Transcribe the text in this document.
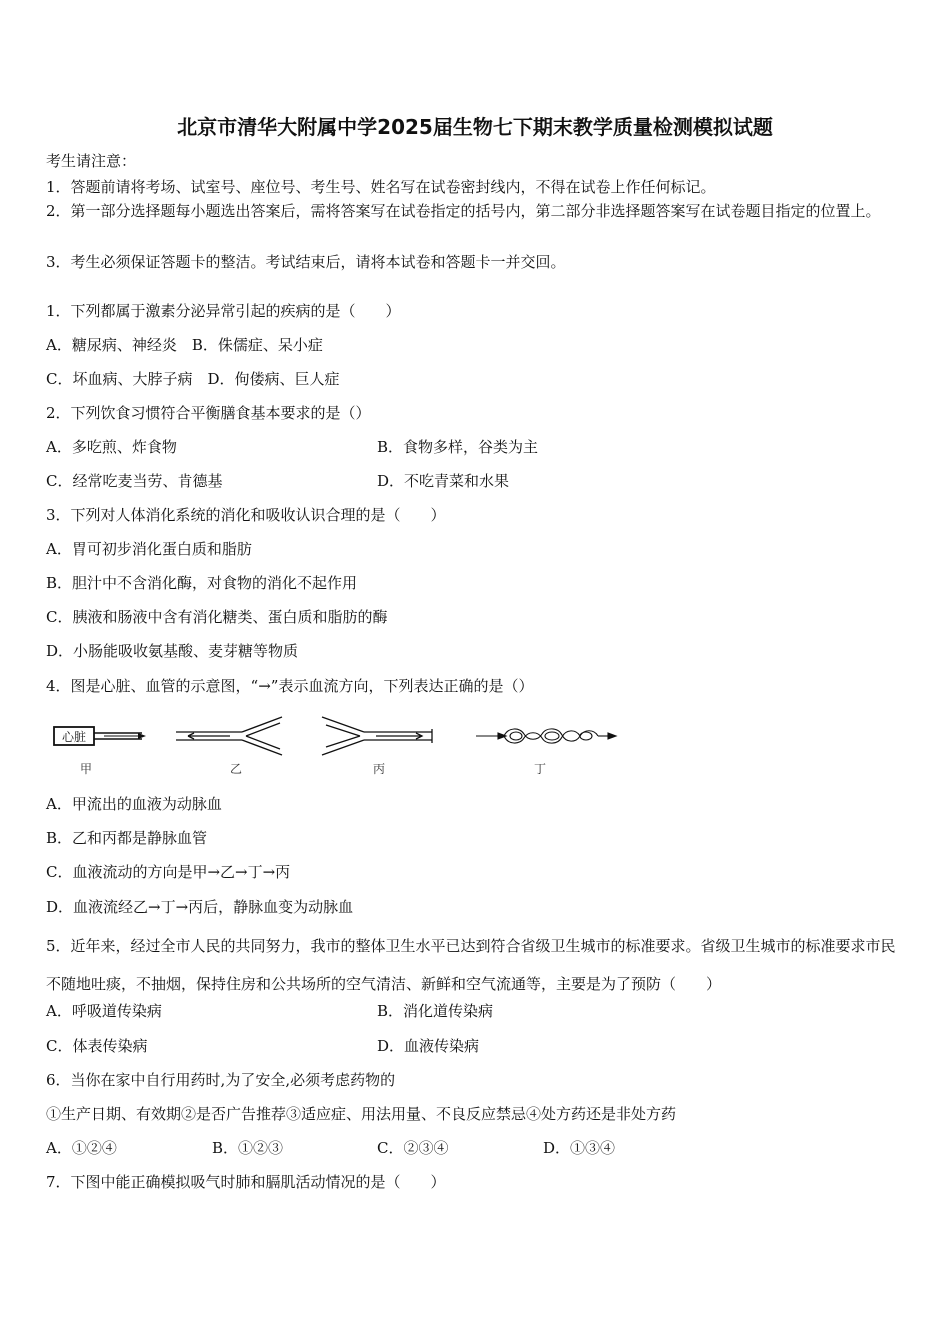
北京市清华大附属中学2025届生物七下期末教学质量检测模拟试题
考生请注意：
1．答题前请将考场、试室号、座位号、考生号、姓名写在试卷密封线内，不得在试卷上作任何标记。
2．第一部分选择题每小题选出答案后，需将答案写在试卷指定的括号内，第二部分非选择题答案写在试卷题目指定的位置上。
3．考生必须保证答题卡的整洁。考试结束后，请将本试卷和答题卡一并交回。
1．下列都属于激素分泌异常引起的疾病的是（　　）
A．糖尿病、神经炎　B．侏儒症、呆小症
C．坏血病、大脖子病　D．佝偻病、巨人症
2．下列饮食习惯符合平衡膳食基本要求的是（）
A．多吃煎、炸食物	B．食物多样，谷类为主
C．经常吃麦当劳、肯德基	D．不吃青菜和水果
3．下列对人体消化系统的消化和吸收认识合理的是（　　）
A．胃可初步消化蛋白质和脂肪
B．胆汁中不含消化酶，对食物的消化不起作用
C．胰液和肠液中含有消化糖类、蛋白质和脂肪的酶
D．小肠能吸收氨基酸、麦芽糖等物质
4．图是心脏、血管的示意图，“→”表示血流方向，下列表达正确的是（）
心脏
甲	乙	丙	丁
A．甲流出的血液为动脉血
B．乙和丙都是静脉血管
C．血液流动的方向是甲→乙→丁→丙
D．血液流经乙→丁→丙后，静脉血变为动脉血
5．近年来，经过全市人民的共同努力，我市的整体卫生水平已达到符合省级卫生城市的标准要求。省级卫生城市的标准要求市民不随地吐痰，不抽烟，保持住房和公共场所的空气清洁、新鲜和空气流通等，主要是为了预防（　　）
A．呼吸道传染病	B．消化道传染病
C．体表传染病	D．血液传染病
6．当你在家中自行用药时,为了安全,必须考虑药物的
①生产日期、有效期②是否广告推荐③适应症、用法用量、不良反应禁忌④处方药还是非处方药
A．①②④	B．①②③	C．②③④	D．①③④
7．下图中能正确模拟吸气时肺和膈肌活动情况的是（　　）
